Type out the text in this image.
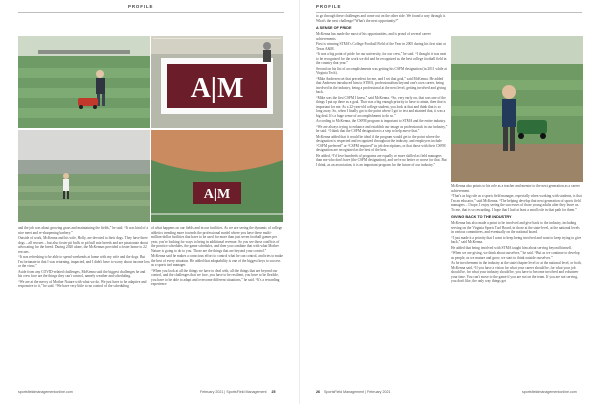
PROFILE
A|M
A|M

and the job was about growing grass and maintaining the fields,” he said. “It was kind of a nice meet and re-sharpening barbery.”

Outside of work, McKenna and his wife, Holly, are devoted to their dogs. They have three dogs – all rescues – but also foster pit bulls or pit bull mix breeds and are passionate about advocating for the breed. During 2020 alone, the McKennas provided a foster home to 22 rescues.

“It was refreshing to be able to spend weekends at home with my wife and the dogs. But I'm fortunate in that I was returning, impacted, and I didn't have to worry about income loss or the virus.”

Aside from any COVID-related challenges, McKenna said the biggest challenges he and his crew face are the things they can't control, namely weather and scheduling.

“We are at the mercy of Mother Nature with what we do. We just have to be adaptive and responsive to it,” he said. “We have very little to no control of the scheduling

of what happens on our fields and in our facilities. As we are seeing the dynamic of college athletics trending more towards the professional model where you have these multi-million-dollar facilities that have to be used for more than just seven football games per year, you're looking for ways to bring in additional revenue. So you see those conflicts of the practice schedules, the game schedules, and then you combine that with what Mother Nature is going to do to you. Those are the things that are beyond your control.”

McKenna said he makes a conscious effort to control what he can control, and tries to make the best of every situation. He added that adaptability is one of the biggest keys to success as a sports turf manager.

“When you look at all the things we have to deal with, all the things that are beyond our control, and the challenges that we face, you have to be resilient, you have to be flexible, you have to be able to adapt and overcome different situations,” he said. “It's a rewarding experience

sportsfieldmanagementonline.com	February 2021 | SportsField Management 25
PROFILE

to go through these challenges and come out on the other side. We found a way through it. What's the next challenge? What's the next opportunity?”

A SENSE OF PRIDE

McKenna has made the most of his opportunities, and is proud of several career achievements.

First is winning STMA's College Football Field of the Year in 2005 during his first stint at Texas A&M.

“It was a big point of pride for our university, for our crew,” he said. “I thought it was neat to be recognized for the work we did and be recognized as the best college football field in the country that year.”

Second on his list of accomplishments was getting his CSFM designation (in 2011 while at Virginia Tech).

“Mike Andresen set that precedent for me, and I set that goal,” said McKenna. He added that Andresen introduced him to STMA, professionalism beyond one's own career, being involved in the industry, being a professional at the next level, getting involved and giving back.

“Mike was the first CSFM I knew,” said McKenna. “So, very early on, that was one of the things I put up there as a goal. That was a big enough priority to have to attain, then that is important for me. As a 22-year-old college student, you look at that and think that is so long away. So, when I finally got to the point where I got to test and attained that, it was a big deal. It's a huge sense of accomplishment to do so.”

According to McKenna, the CSFM program is important to STMA and the entire industry.

“We are always trying to enhance and establish our image as professionals in our industry,” he said. “I think that the CSFM designation is a step to help move that.”

McKenna added that it would be ideal if the program would get to the point where the designation is respected and recognized throughout the industry, and employers include “CSFM preferred” or “CSFM required” in job descriptions, or that those with their CSFM designation are recognized as the best of the best.

He added, “I'd love hundreds of programs are equally or more skilled as field managers than me who don't have (the CSFM designation), and we're no better or worse for that. But I think, as an association, it is an important program for the future of our industry.”

McKenna also points to his role as a teacher and mentor to the next generation as a career achievement.

“That's as big role as a sports field manager, especially when working with students, is that I'm an educator,” said McKenna. “The helping develop that next generation of sports field managers – I hope, I enjoy seeing the successes of those young adults after they leave us. To me, that is so rewarding. I hope that I had at least a small role in that path for them.”

GIVING BACK TO THE INDUSTRY

McKenna has also made a point to be involved and give back to the industry, including serving on the Virginia Sports Turf Board, in those at the state-level, at the national levels in various committees, and eventually on the national board.

“I just made it a priority that I want to keep being involved and want to keep trying to give back,” said McKenna.

He added that being involved with STMA taught him about serving beyond himself.

“When we are giving, we think about ourselves,” he said. “But as we continue to develop as people, as we mature and grow, we start to think outside ourselves.”

As he involvement in the industry at the state/chapter level or at the national level, or both, McKenna said, “If you have a vision for what your career should be, for what your job should be, for what your industry should be, you have to become involved and volunteer your time. You can't move to the game if you are not on the team. If you are not serving, you don't like, the only way things get

26 SportsField Management | February 2021	sportsfieldmanagementonline.com
